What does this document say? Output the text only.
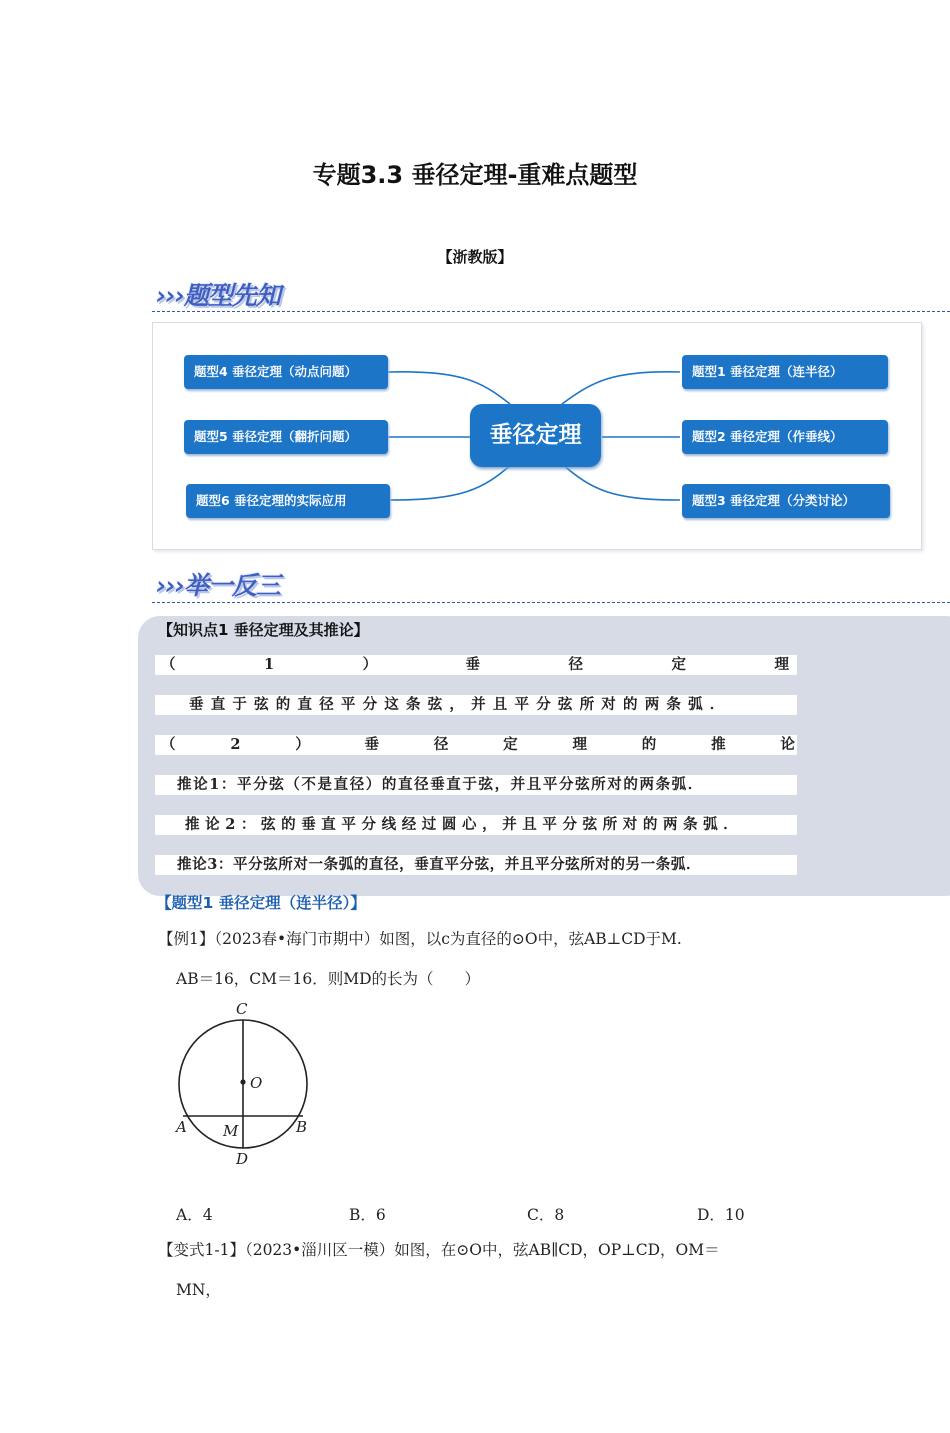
专题3.3 垂径定理-重难点题型
【浙教版】
›››题型先知
垂径定理
题型4 垂径定理（动点问题）
题型5 垂径定理（翻折问题）
题型6 垂径定理的实际应用
题型1 垂径定理（连半径）
题型2 垂径定理（作垂线）
题型3 垂径定理（分类讨论）
›››举一反三
【知识点1 垂径定理及其推论】
（	1	）	垂	径	定	理
垂直于弦的直径平分这条弦，并且平分弦所对的两条弧．
（	2	）	垂	径	定	理	的	推	论
推论1：平分弦（不是直径）的直径垂直于弦，并且平分弦所对的两条弧．
推论2：弦的垂直平分线经过圆心，并且平分弦所对的两条弧．
推论3：平分弦所对一条弧的直径，垂直平分弦，并且平分弦所对的另一条弧．
【题型1 垂径定理（连半径）】
【例1】（2023春•海门市期中）如图，以c为直径的⊙O中，弦AB⊥CD于M.
AB＝16，CM＝16．则MD的长为（　　）
C
O
A M	B
D
A．4	B．6	C．8	D．10
【变式1-1】（2023•淄川区一模）如图，在⊙O中，弦AB∥CD，OP⊥CD，OM＝
MN，
